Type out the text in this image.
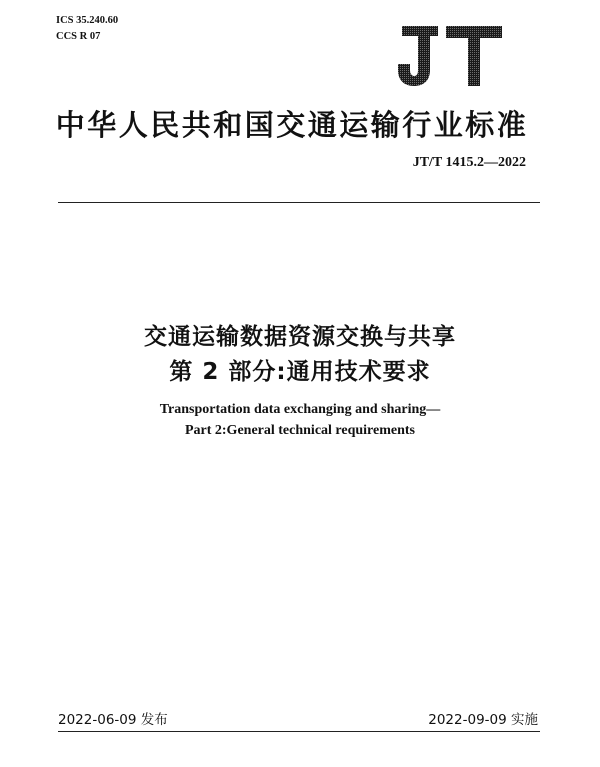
ICS 35.240.60
CCS R 07
中华人民共和国交通运输行业标准
JT/T 1415.2—2022
交通运输数据资源交换与共享
第 2 部分:通用技术要求
Transportation data exchanging and sharing—
Part 2:General technical requirements
2022-06-09 发布	2022-09-09 实施
